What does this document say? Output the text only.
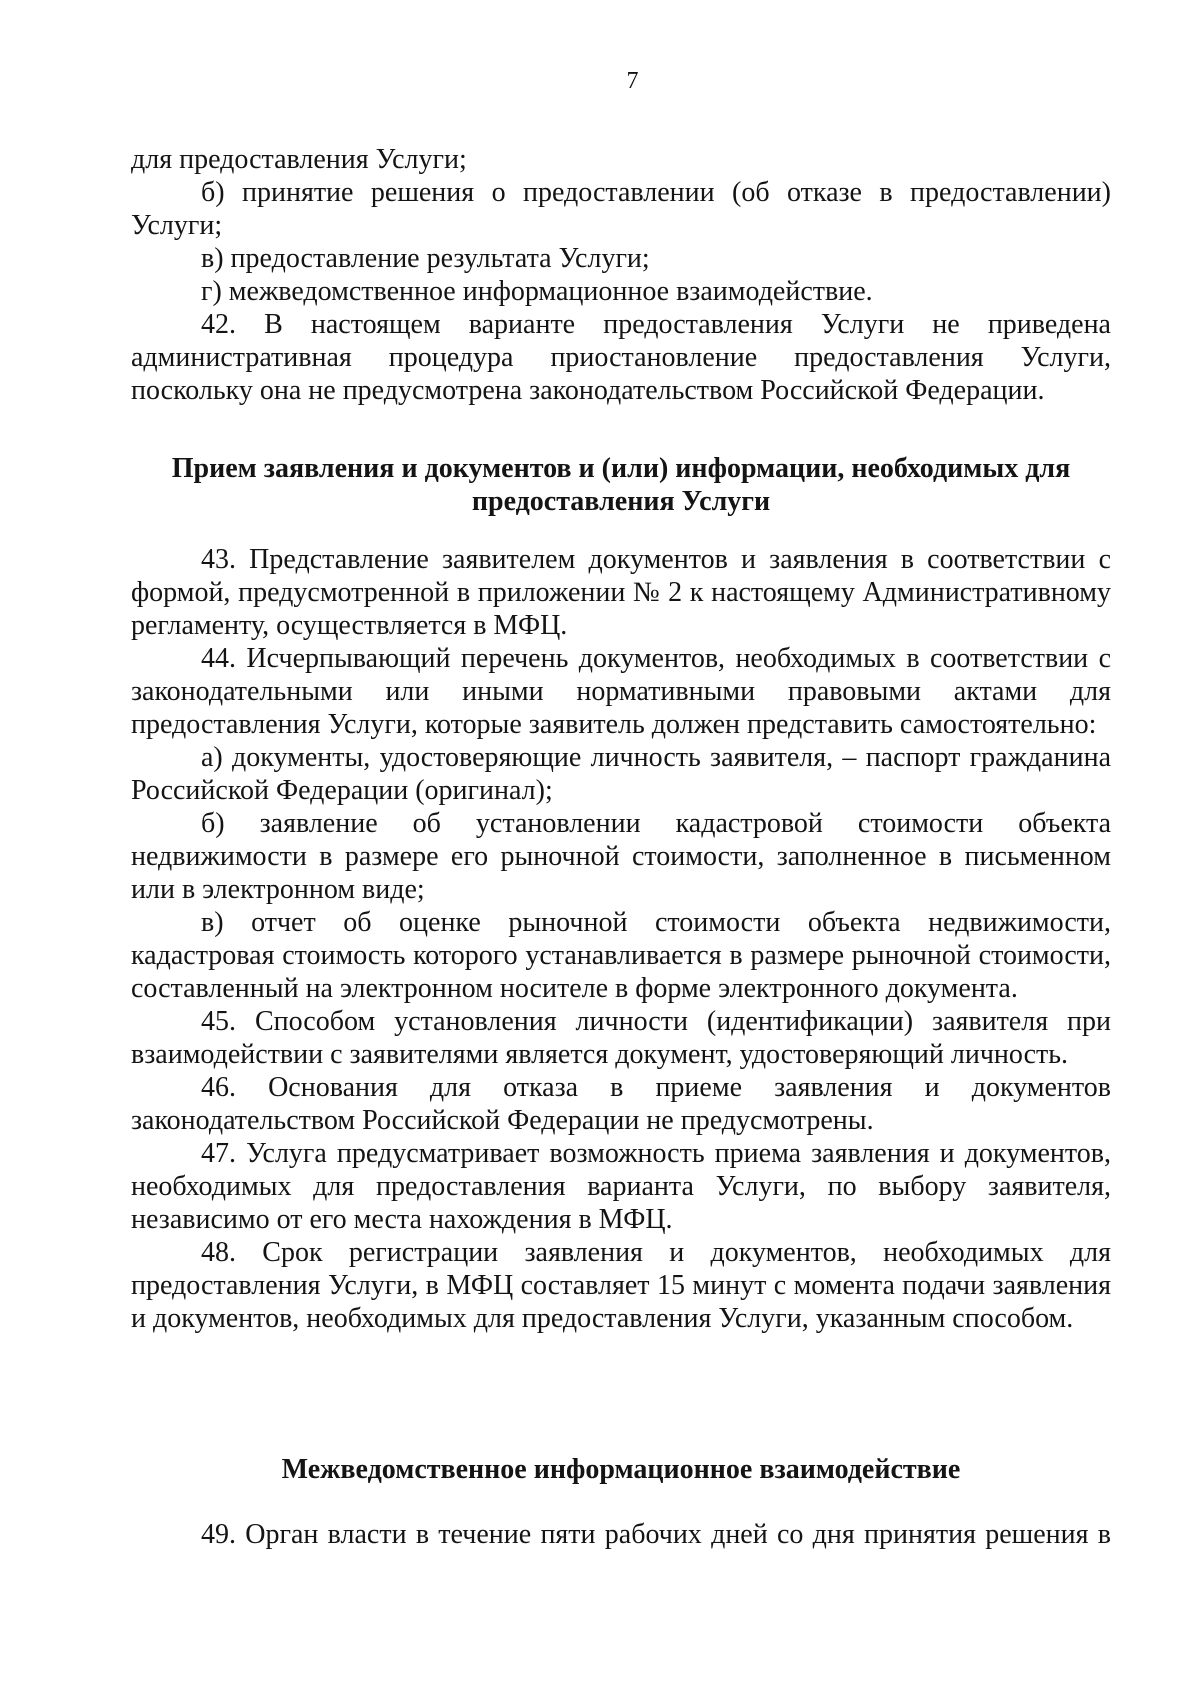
7

для предоставления Услуги;

б) принятие решения о предоставлении (об отказе в предоставлении) Услуги;

в) предоставление результата Услуги;

г) межведомственное информационное взаимодействие.

42. В настоящем варианте предоставления Услуги не приведена административная процедура приостановление предоставления Услуги, поскольку она не предусмотрена законодательством Российской Федерации.

Прием заявления и документов и (или) информации, необходимых для предоставления Услуги

43. Представление заявителем документов и заявления в соответствии с формой, предусмотренной в приложении № 2 к настоящему Административному регламенту, осуществляется в МФЦ.

44. Исчерпывающий перечень документов, необходимых в соответствии с законодательными или иными нормативными правовыми актами для предоставления Услуги, которые заявитель должен представить самостоятельно:

а) документы, удостоверяющие личность заявителя, – паспорт гражданина Российской Федерации (оригинал);

б) заявление об установлении кадастровой стоимости объекта недвижимости в размере его рыночной стоимости, заполненное в письменном или в электронном виде;

в) отчет об оценке рыночной стоимости объекта недвижимости, кадастровая стоимость которого устанавливается в размере рыночной стоимости, составленный на электронном носителе в форме электронного документа.

45. Способом установления личности (идентификации) заявителя при взаимодействии с заявителями является документ, удостоверяющий личность.

46. Основания для отказа в приеме заявления и документов законодательством Российской Федерации не предусмотрены.

47. Услуга предусматривает возможность приема заявления и документов, необходимых для предоставления варианта Услуги, по выбору заявителя, независимо от его места нахождения в МФЦ.

48. Срок регистрации заявления и документов, необходимых для предоставления Услуги, в МФЦ составляет 15 минут с момента подачи заявления и документов, необходимых для предоставления Услуги, указанным способом.

Межведомственное информационное взаимодействие

49. Орган власти в течение пяти рабочих дней со дня принятия решения в
